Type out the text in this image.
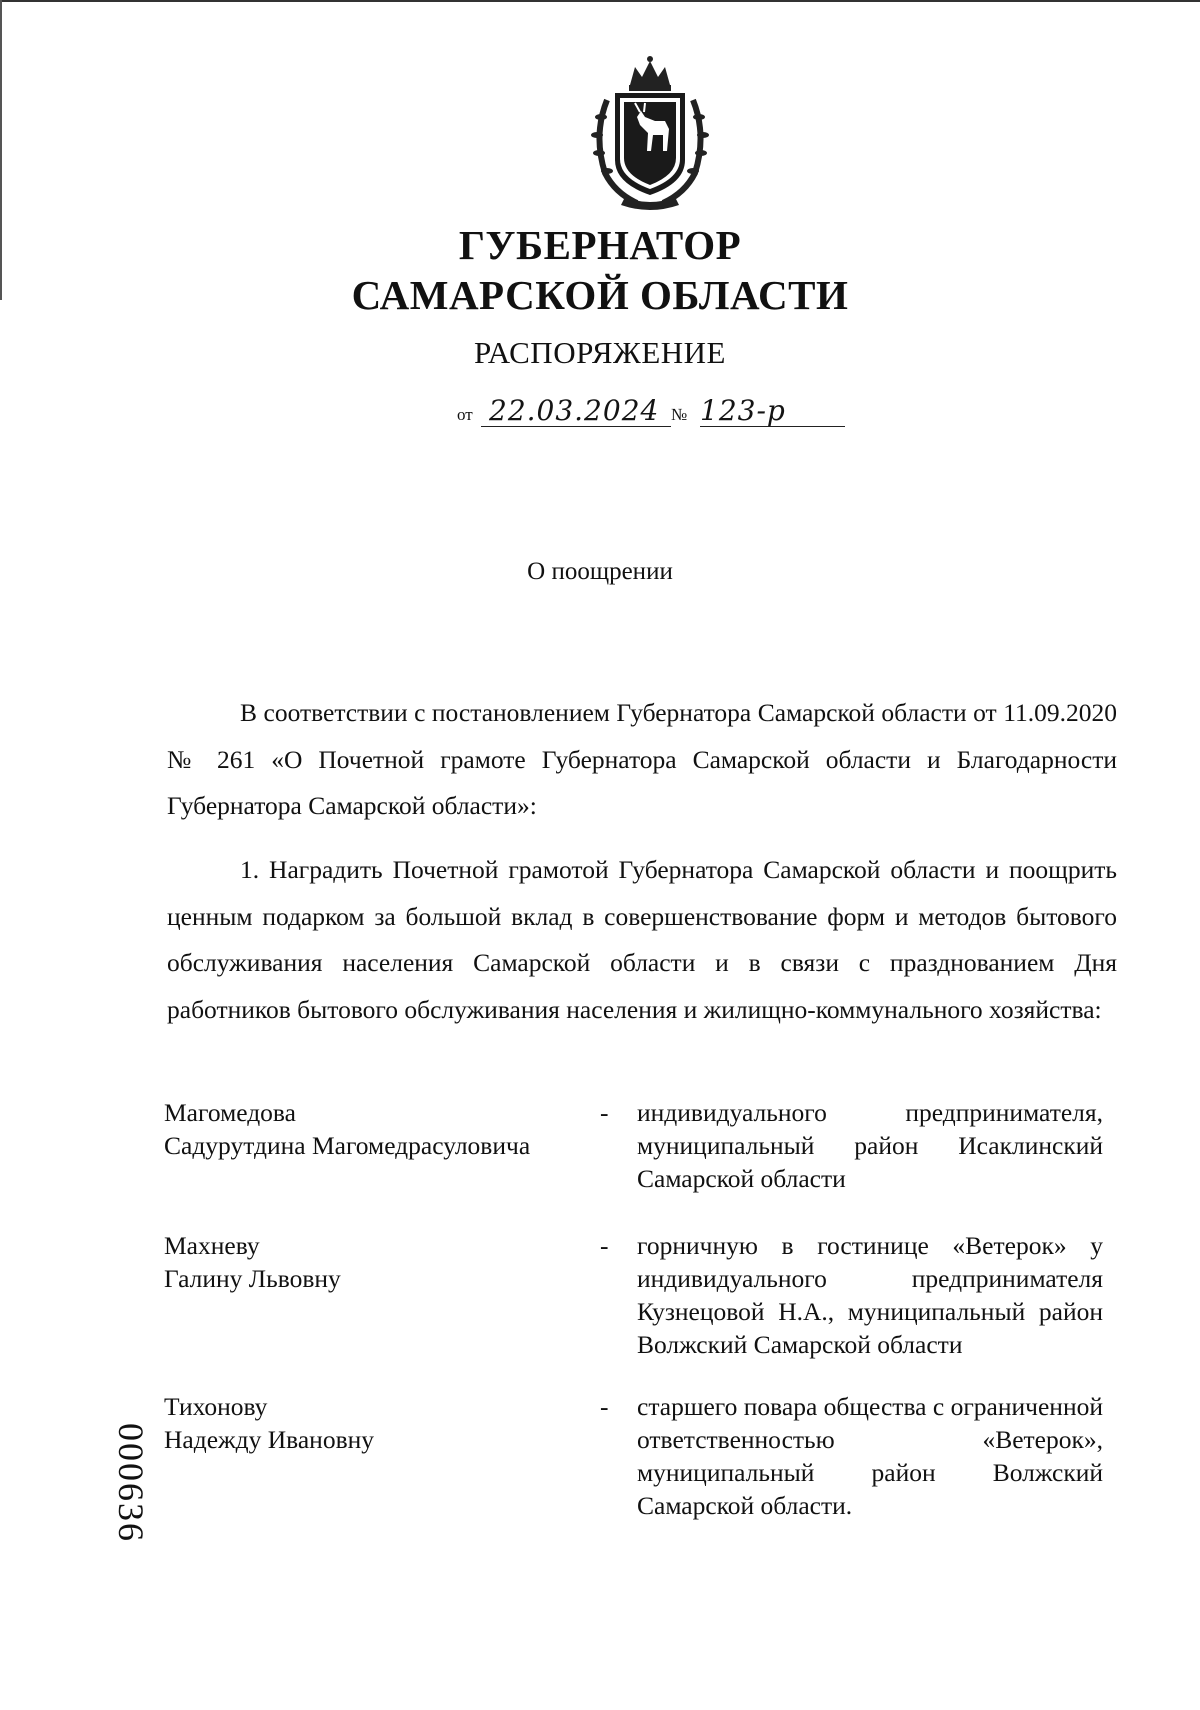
ГУБЕРНАТОР
САМАРСКОЙ ОБЛАСТИ
РАСПОРЯЖЕНИЕ
от 22.03.2024 № 123-р
О поощрении
В соответствии с постановлением Губернатора Самарской области от 11.09.2020 № 261 «О Почетной грамоте Губернатора Самарской области и Благодарности Губернатора Самарской области»:
1. Наградить Почетной грамотой Губернатора Самарской области и поощрить ценным подарком за большой вклад в совершенствование форм и методов бытового обслуживания населения Самарской области и в связи с празднованием Дня работников бытового обслуживания населения и жилищно-коммунального хозяйства:
Магомедова
Садурутдина Магомедрасуловича
- индивидуального предпринимателя, муниципальный район Исаклинский Самарской области
Махневу
Галину Львовну
- горничную в гостинице «Ветерок» у индивидуального предпринимателя Кузнецовой Н.А., муниципальный район Волжский Самарской области
Тихонову
Надежду Ивановну
- старшего повара общества с ограниченной ответственностью «Ветерок», муниципальный район Волжский Самарской области.
000636
